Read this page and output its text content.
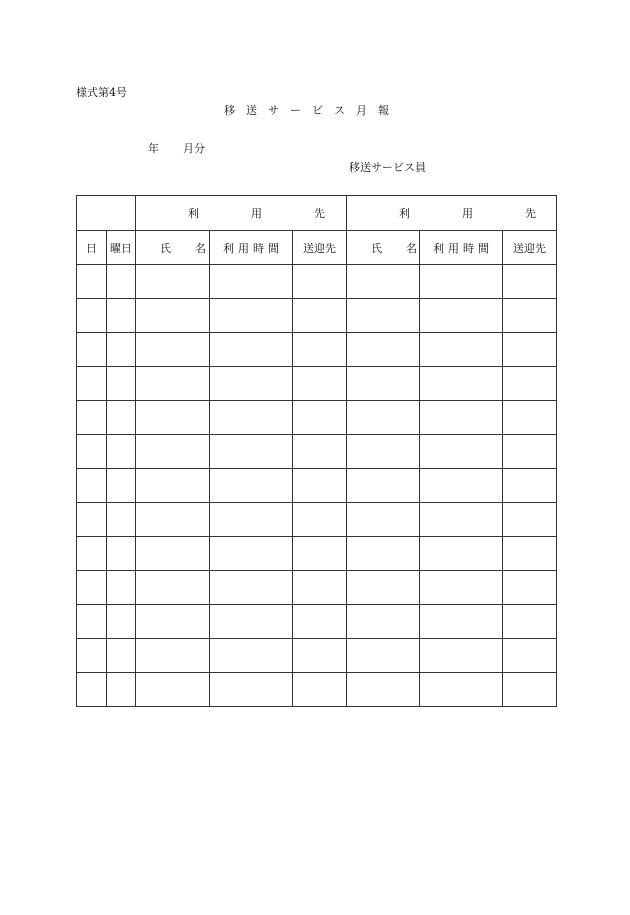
様式第4号
移送サービス月報
年 月分
移送サービス員
		利用先			利用先		
日	曜日	氏名	利用時間	送迎先	氏名	利用時間	送迎先
